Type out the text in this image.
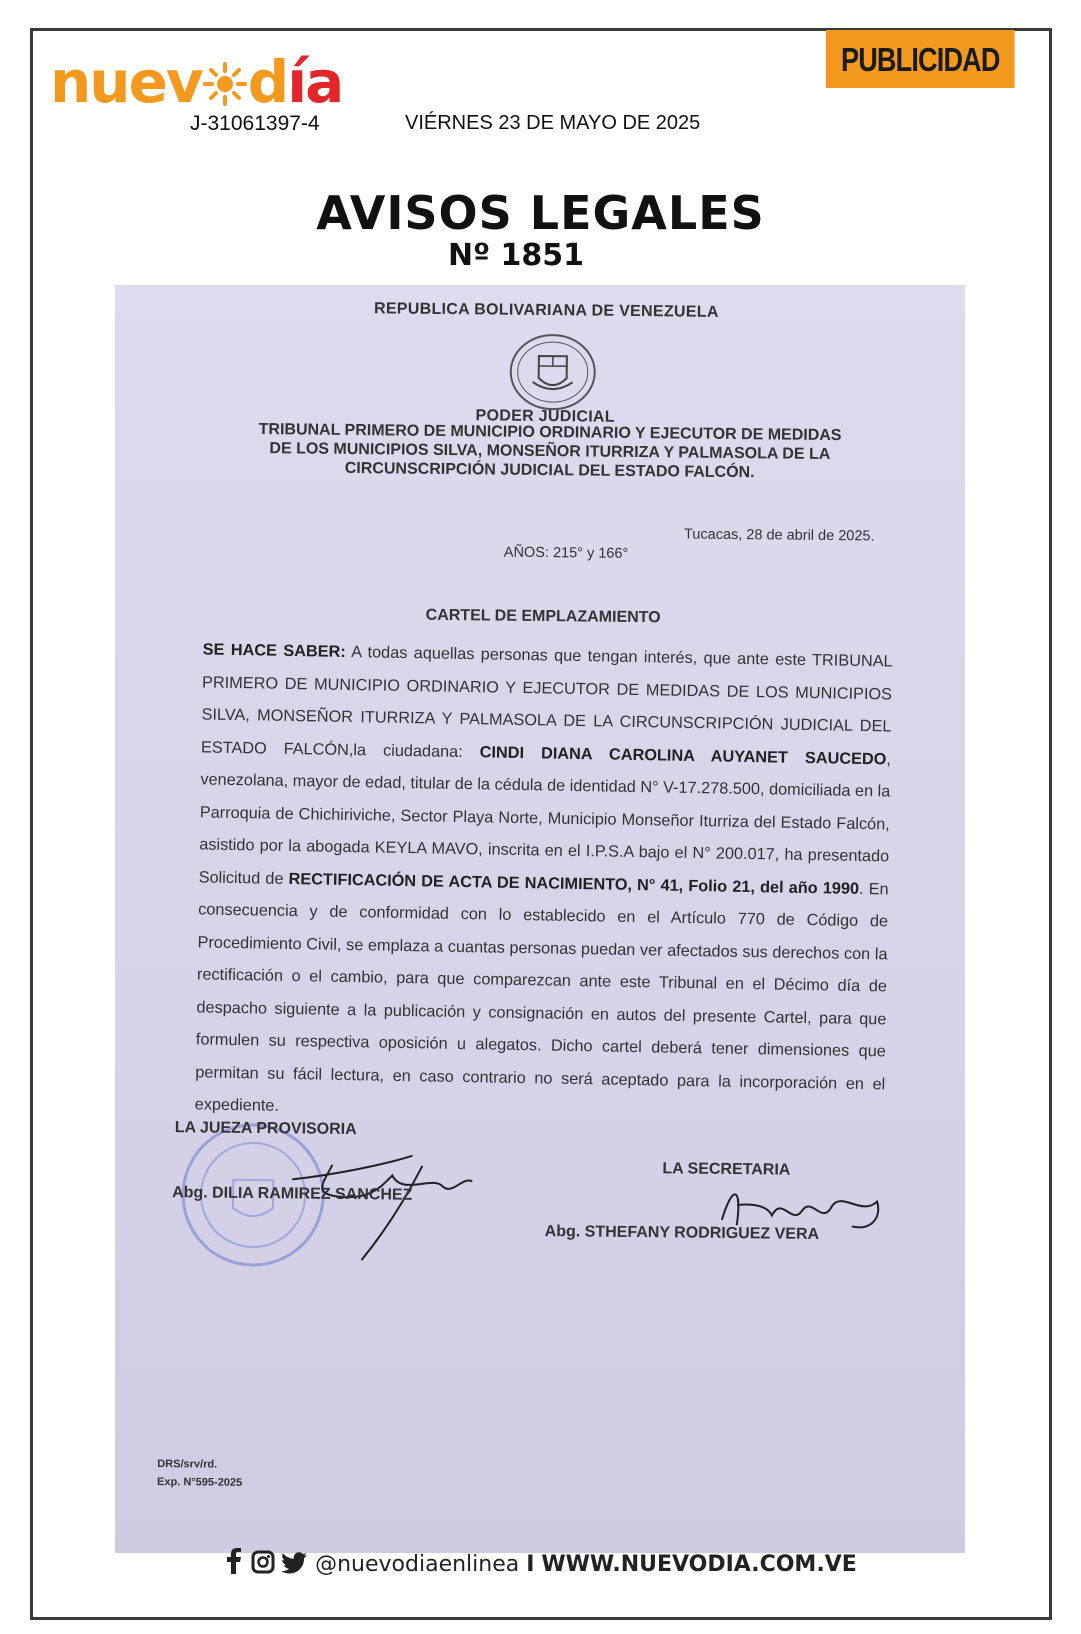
nuev día
J-31061397-4	VIÉRNES 23 DE MAYO DE 2025
PUBLICIDAD
AVISOS LEGALES
Nº 1851
REPUBLICA BOLIVARIANA DE VENEZUELA
PODER JUDICIAL
TRIBUNAL PRIMERO DE MUNICIPIO ORDINARIO Y EJECUTOR DE MEDIDAS
DE LOS MUNICIPIOS SILVA, MONSEÑOR ITURRIZA Y PALMASOLA DE LA
CIRCUNSCRIPCIÓN JUDICIAL DEL ESTADO FALCÓN.
Tucacas, 28 de abril de 2025.
AÑOS: 215° y 166°
CARTEL DE EMPLAZAMIENTO
SE HACE SABER: A todas aquellas personas que tengan interés, que ante este TRIBUNAL PRIMERO DE MUNICIPIO ORDINARIO Y EJECUTOR DE MEDIDAS DE LOS MUNICIPIOS SILVA, MONSEÑOR ITURRIZA Y PALMASOLA DE LA CIRCUNSCRIPCIÓN JUDICIAL DEL ESTADO FALCÓN,la ciudadana: CINDI DIANA CAROLINA AUYANET SAUCEDO, venezolana, mayor de edad, titular de la cédula de identidad N° V-17.278.500, domiciliada en la Parroquia de Chichiriviche, Sector Playa Norte, Municipio Monseñor Iturriza del Estado Falcón, asistido por la abogada KEYLA MAVO, inscrita en el I.P.S.A bajo el N° 200.017, ha presentado Solicitud de RECTIFICACIÓN DE ACTA DE NACIMIENTO, N° 41, Folio 21, del año 1990. En consecuencia y de conformidad con lo establecido en el Artículo 770 de Código de Procedimiento Civil, se emplaza a cuantas personas puedan ver afectados sus derechos con la rectificación o el cambio, para que comparezcan ante este Tribunal en el Décimo día de despacho siguiente a la publicación y consignación en autos del presente Cartel, para que formulen su respectiva oposición u alegatos. Dicho cartel deberá tener dimensiones que permitan su fácil lectura, en caso contrario no será aceptado para la incorporación en el expediente.
LA JUEZA PROVISORIA
Abg. DILIA RAMIREZ SANCHEZ
LA SECRETARIA
Abg. STHEFANY RODRIGUEZ VERA
DRS/srv/rd.
Exp. N°595-2025
@nuevodiaenlinea I WWW.NUEVODIA.COM.VE
